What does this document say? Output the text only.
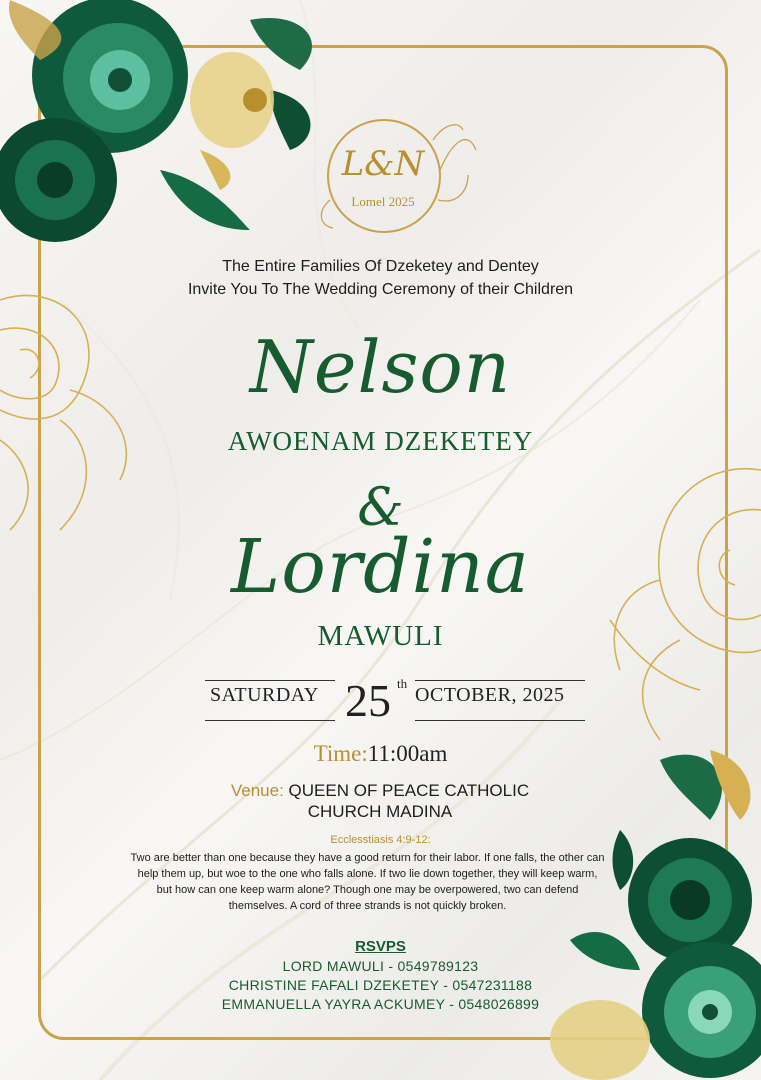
L&N
Lomel 2025
The Entire Families Of Dzeketey and Dentey
Invite You To The Wedding Ceremony of their Children
Nelson
AWOENAM DZEKETEY
&
Lordina
MAWULI
SATURDAY 25 th
OCTOBER, 2025
Time:11:00am
Venue: QUEEN OF PEACE CATHOLIC
CHURCH MADINA
Ecclesstiasis 4:9-12:
Two are better than one because they have a good return for their labor. If one falls, the other can help them up, but woe to the one who falls alone. If two lie down together, they will keep warm, but how can one keep warm alone? Though one may be overpowered, two can defend themselves. A cord of three strands is not quickly broken.
RSVPS
LORD MAWULI - 0549789123
CHRISTINE FAFALI DZEKETEY - 0547231188
EMMANUELLA YAYRA ACKUMEY - 0548026899
